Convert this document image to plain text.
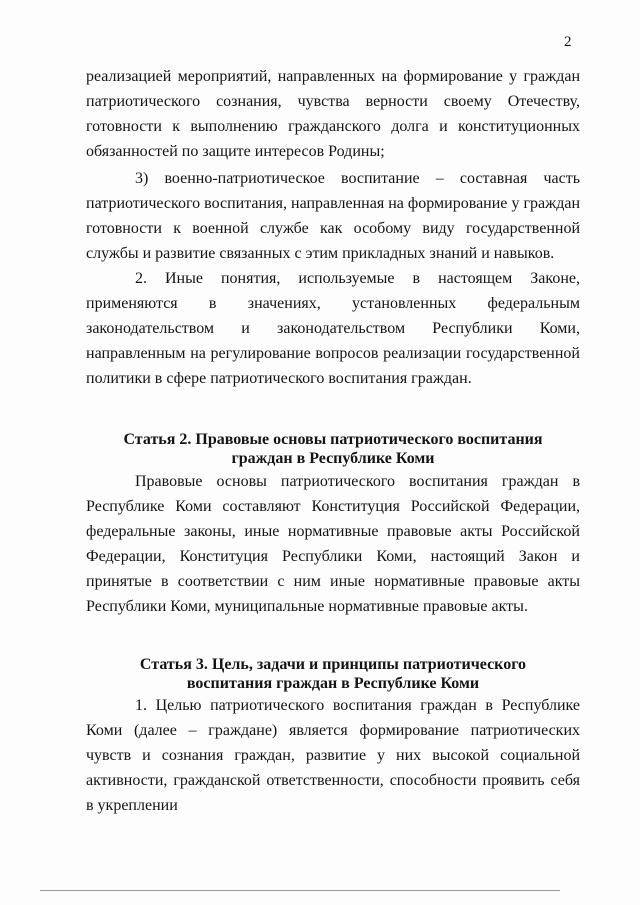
2

реализацией мероприятий, направленных на формирование у граждан патриотического сознания, чувства верности своему Отечеству, готовности к выполнению гражданского долга и конституционных обязанностей по защите интересов Родины;

3) военно-патриотическое воспитание – составная часть патриотического воспитания, направленная на формирование у граждан готовности к военной службе как особому виду государственной службы и развитие связанных с этим прикладных знаний и навыков.

2. Иные понятия, используемые в настоящем Законе, применяются в значениях, установленных федеральным законодательством и законодательством Республики Коми, направленным на регулирование вопросов реализации государственной политики в сфере патриотического воспитания граждан.

Статья 2. Правовые основы патриотического воспитания
граждан в Республике Коми

Правовые основы патриотического воспитания граждан в Республике Коми составляют Конституция Российской Федерации, федеральные законы, иные нормативные правовые акты Российской Федерации, Конституция Республики Коми, настоящий Закон и принятые в соответствии с ним иные нормативные правовые акты Республики Коми, муниципальные нормативные правовые акты.

Статья 3. Цель, задачи и принципы патриотического
воспитания граждан в Республике Коми

1. Целью патриотического воспитания граждан в Республике Коми (далее – граждане) является формирование патриотических чувств и сознания граждан, развитие у них высокой социальной активности, гражданской ответственности, способности проявить себя в укреплении
